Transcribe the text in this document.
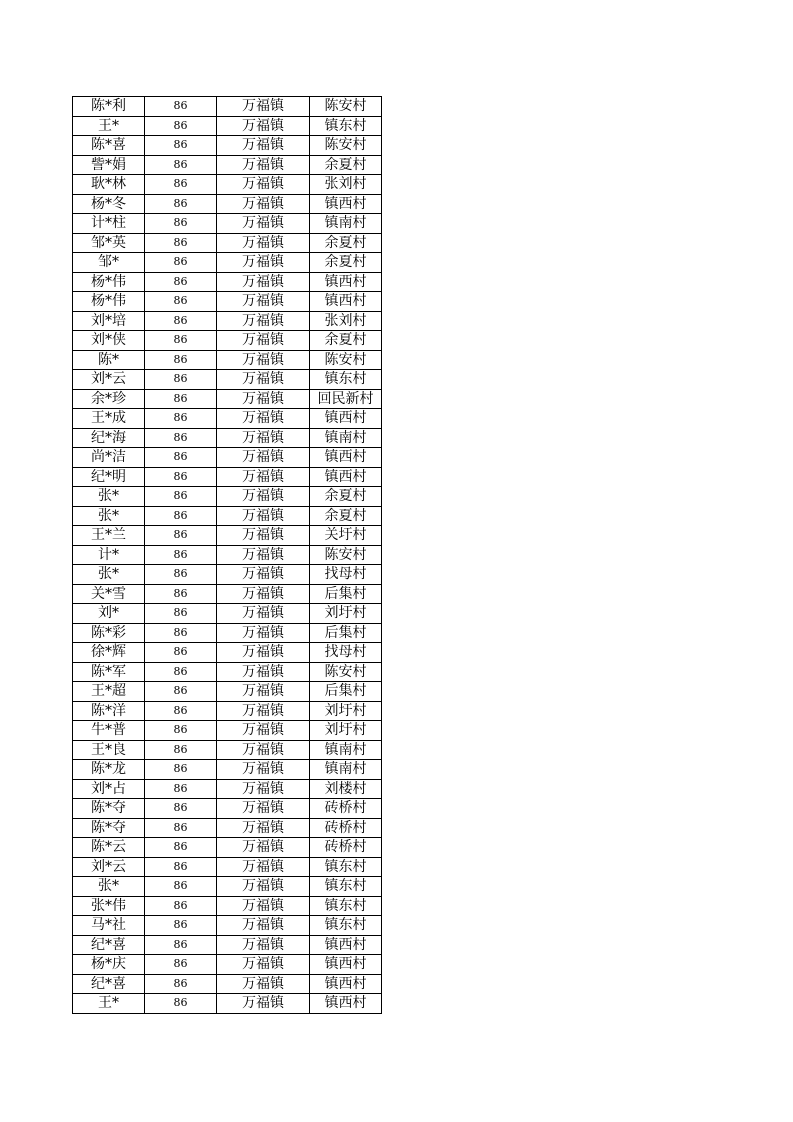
陈*利	86	万福镇	陈安村
王*	86	万福镇	镇东村
陈*喜	86	万福镇	陈安村
訾*娟	86	万福镇	余夏村
耿*林	86	万福镇	张刘村
杨*冬	86	万福镇	镇西村
计*柱	86	万福镇	镇南村
邹*英	86	万福镇	余夏村
邹*	86	万福镇	余夏村
杨*伟	86	万福镇	镇西村
杨*伟	86	万福镇	镇西村
刘*培	86	万福镇	张刘村
刘*侠	86	万福镇	余夏村
陈*	86	万福镇	陈安村
刘*云	86	万福镇	镇东村
余*珍	86	万福镇	回民新村
王*成	86	万福镇	镇西村
纪*海	86	万福镇	镇南村
尚*洁	86	万福镇	镇西村
纪*明	86	万福镇	镇西村
张*	86	万福镇	余夏村
张*	86	万福镇	余夏村
王*兰	86	万福镇	关圩村
计*	86	万福镇	陈安村
张*	86	万福镇	找母村
关*雪	86	万福镇	后集村
刘*	86	万福镇	刘圩村
陈*彩	86	万福镇	后集村
徐*辉	86	万福镇	找母村
陈*军	86	万福镇	陈安村
王*超	86	万福镇	后集村
陈*洋	86	万福镇	刘圩村
牛*普	86	万福镇	刘圩村
王*良	86	万福镇	镇南村
陈*龙	86	万福镇	镇南村
刘*占	86	万福镇	刘楼村
陈*夺	86	万福镇	砖桥村
陈*夺	86	万福镇	砖桥村
陈*云	86	万福镇	砖桥村
刘*云	86	万福镇	镇东村
张*	86	万福镇	镇东村
张*伟	86	万福镇	镇东村
马*社	86	万福镇	镇东村
纪*喜	86	万福镇	镇西村
杨*庆	86	万福镇	镇西村
纪*喜	86	万福镇	镇西村
王*	86	万福镇	镇西村
